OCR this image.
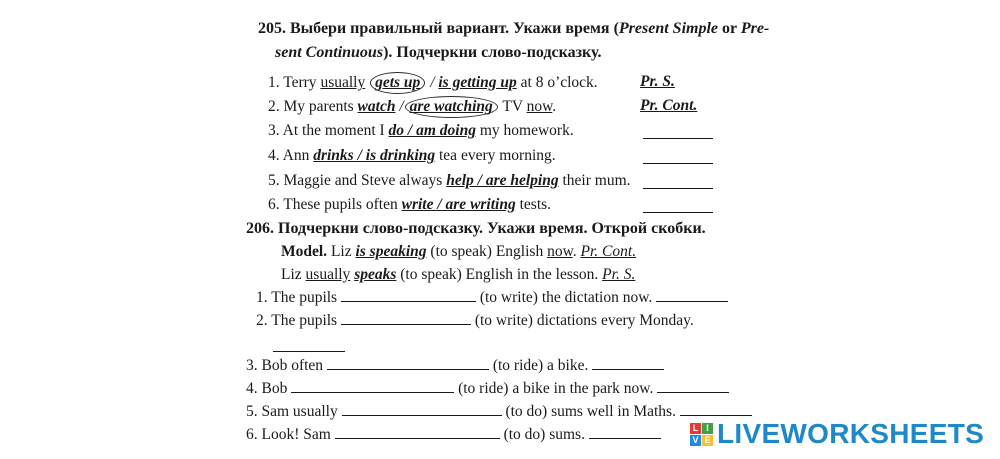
205. Выбери правильный вариант. Укажи время (Present Simple or Pre-
sent Continuous). Подчеркни слово-подсказку.
1. Terry usually gets up / is getting up at 8 o’clock.	Pr. S.
2. My parents watch / are watching TV now.	Pr. Cont.
3. At the moment I do / am doing my homework.
4. Ann drinks / is drinking tea every morning.
5. Maggie and Steve always help / are helping their mum.
6. These pupils often write / are writing tests.
206. Подчеркни слово-подсказку. Укажи время. Открой скобки.
Model. Liz is speaking (to speak) English now. Pr. Cont.
Liz usually speaks (to speak) English in the lesson. Pr. S.
1. The pupils	(to write) the dictation now.
2. The pupils	(to write) dictations every Monday.
3. Bob often	(to ride) a bike.
4. Bob	(to ride) a bike in the park now.
5. Sam usually	(to do) sums well in Maths.
6. Look! Sam	(to do) sums.	L I
V E LIVEWORKSHEETS
